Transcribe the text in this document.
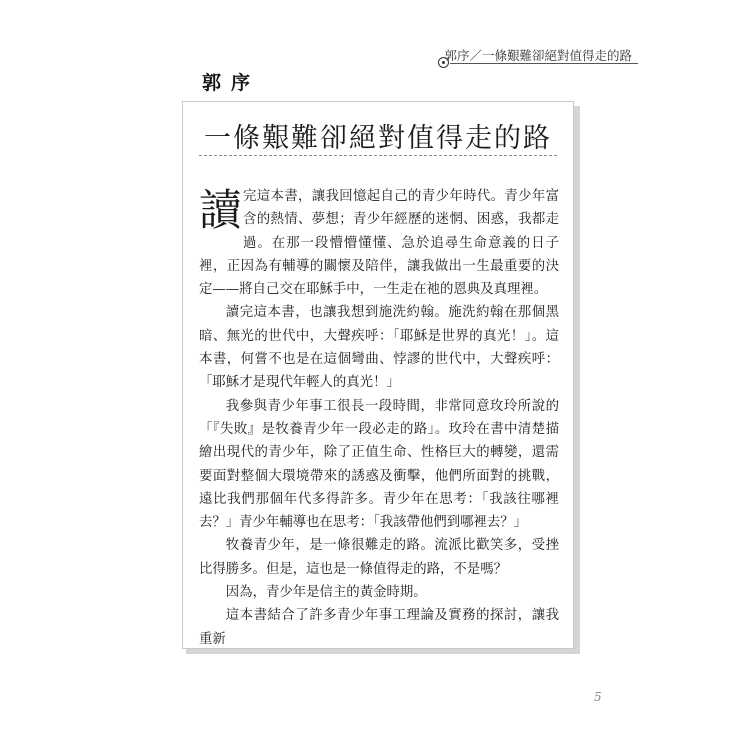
郭序／一條艱難卻絕對值得走的路
郭序
一條艱難卻絕對值得走的路

讀完這本書，讓我回憶起自己的青少年時代。青少年富含的熱情、夢想；青少年經歷的迷惘、困惑，我都走過。在那一段懵懵懂懂、急於追尋生命意義的日子裡，正因為有輔導的關懷及陪伴，讓我做出一生最重要的決定——將自己交在耶穌手中，一生走在祂的恩典及真理裡。

讀完這本書，也讓我想到施洗約翰。施洗約翰在那個黑暗、無光的世代中，大聲疾呼：「耶穌是世界的真光！」。這本書，何嘗不也是在這個彎曲、悖謬的世代中，大聲疾呼：「耶穌才是現代年輕人的真光！」

我參與青少年事工很長一段時間，非常同意玫玲所說的「『失敗』是牧養青少年一段必走的路」。玫玲在書中清楚描繪出現代的青少年，除了正值生命、性格巨大的轉變，還需要面對整個大環境帶來的誘惑及衝擊，他們所面對的挑戰，遠比我們那個年代多得許多。青少年在思考：「我該往哪裡去？」青少年輔導也在思考：「我該帶他們到哪裡去？」

牧養青少年，是一條很難走的路。流派比歡笑多，受挫比得勝多。但是，這也是一條值得走的路，不是嗎？

因為，青少年是信主的黃金時期。

這本書結合了許多青少年事工理論及實務的探討，讓我重新

5
